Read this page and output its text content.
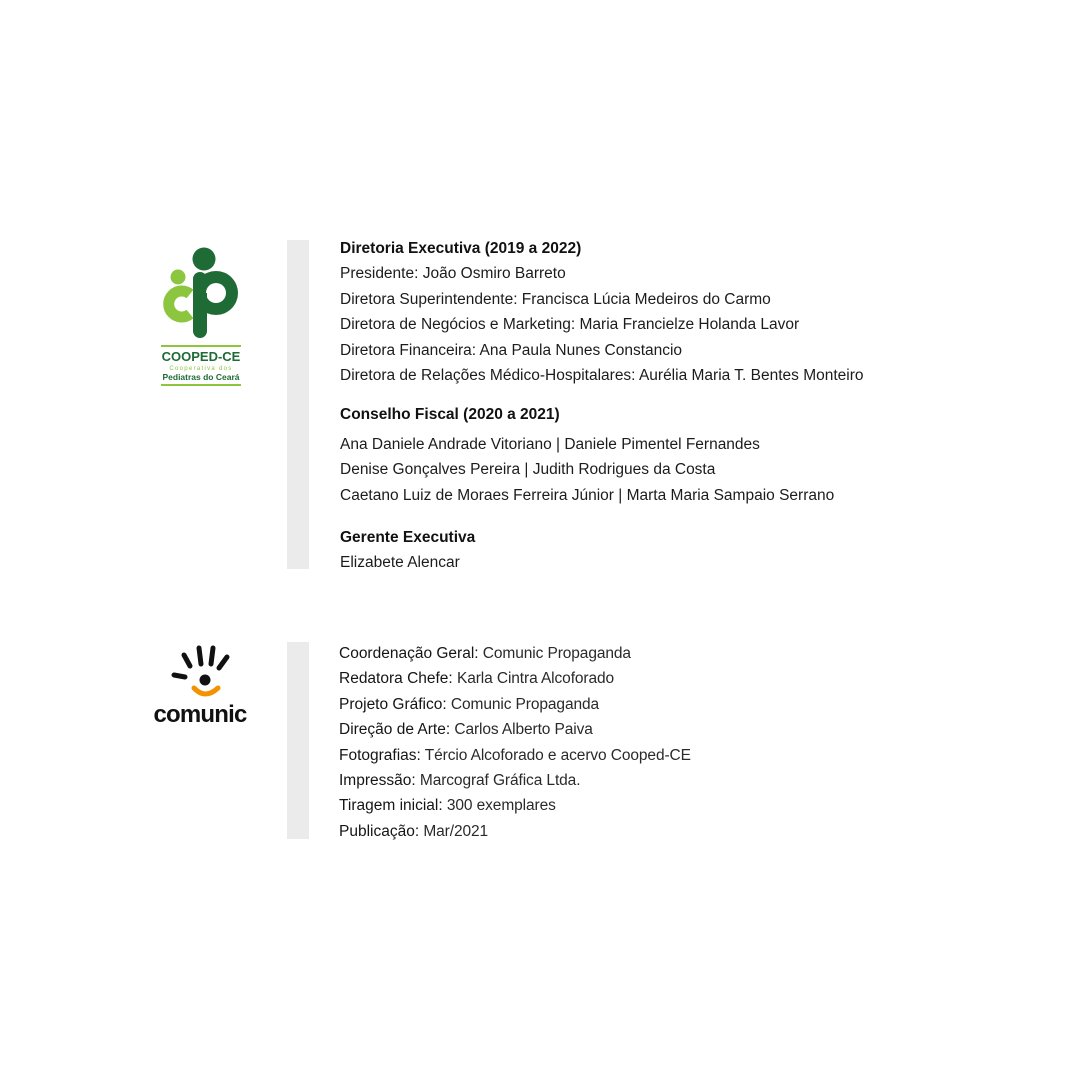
COOPED-CE
Cooperativa dos
Pediatras do Ceará
Diretoria Executiva (2019 a 2022)
Presidente: João Osmiro Barreto
Diretora Superintendente: Francisca Lúcia Medeiros do Carmo
Diretora de Negócios e Marketing: Maria Francielze Holanda Lavor
Diretora Financeira: Ana Paula Nunes Constancio
Diretora de Relações Médico-Hospitalares: Aurélia Maria T. Bentes Monteiro
Conselho Fiscal (2020 a 2021)
Ana Daniele Andrade Vitoriano | Daniele Pimentel Fernandes
Denise Gonçalves Pereira | Judith Rodrigues da Costa
Caetano Luiz de Moraes Ferreira Júnior | Marta Maria Sampaio Serrano
Gerente Executiva
Elizabete Alencar
comunic
Coordenação Geral: Comunic Propaganda
Redatora Chefe: Karla Cintra Alcoforado
Projeto Gráfico: Comunic Propaganda
Direção de Arte: Carlos Alberto Paiva
Fotografias: Tércio Alcoforado e acervo Cooped-CE
Impressão: Marcograf Gráfica Ltda.
Tiragem inicial: 300 exemplares
Publicação: Mar/2021
